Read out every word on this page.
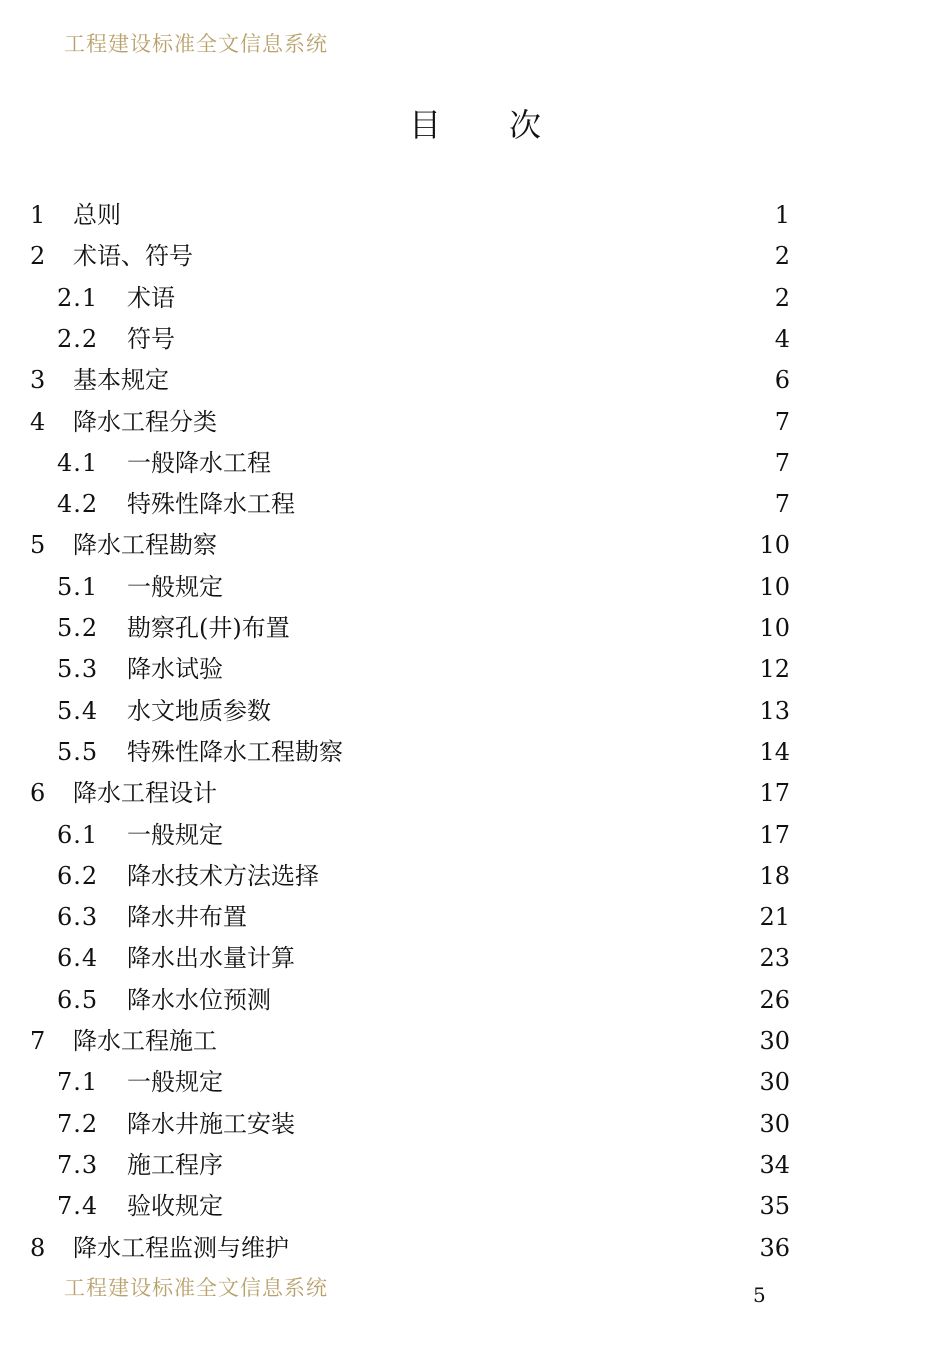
工程建设标准全文信息系统
目次
1	总则	1
2	术语、符号	2
2.1	术语	2
2.2	符号	4
3	基本规定	6
4	降水工程分类	7
4.1	一般降水工程	7
4.2	特殊性降水工程	7
5	降水工程勘察	10
5.1	一般规定	10
5.2	勘察孔(井)布置	10
5.3	降水试验	12
5.4	水文地质参数	13
5.5	特殊性降水工程勘察	14
6	降水工程设计	17
6.1	一般规定	17
6.2	降水技术方法选择	18
6.3	降水井布置	21
6.4	降水出水量计算	23
6.5	降水水位预测	26
7	降水工程施工	30
7.1	一般规定	30
7.2	降水井施工安装	30
7.3	施工程序	34
7.4	验收规定	35
8	降水工程监测与维护	36
工程建设标准全文信息系统	5
